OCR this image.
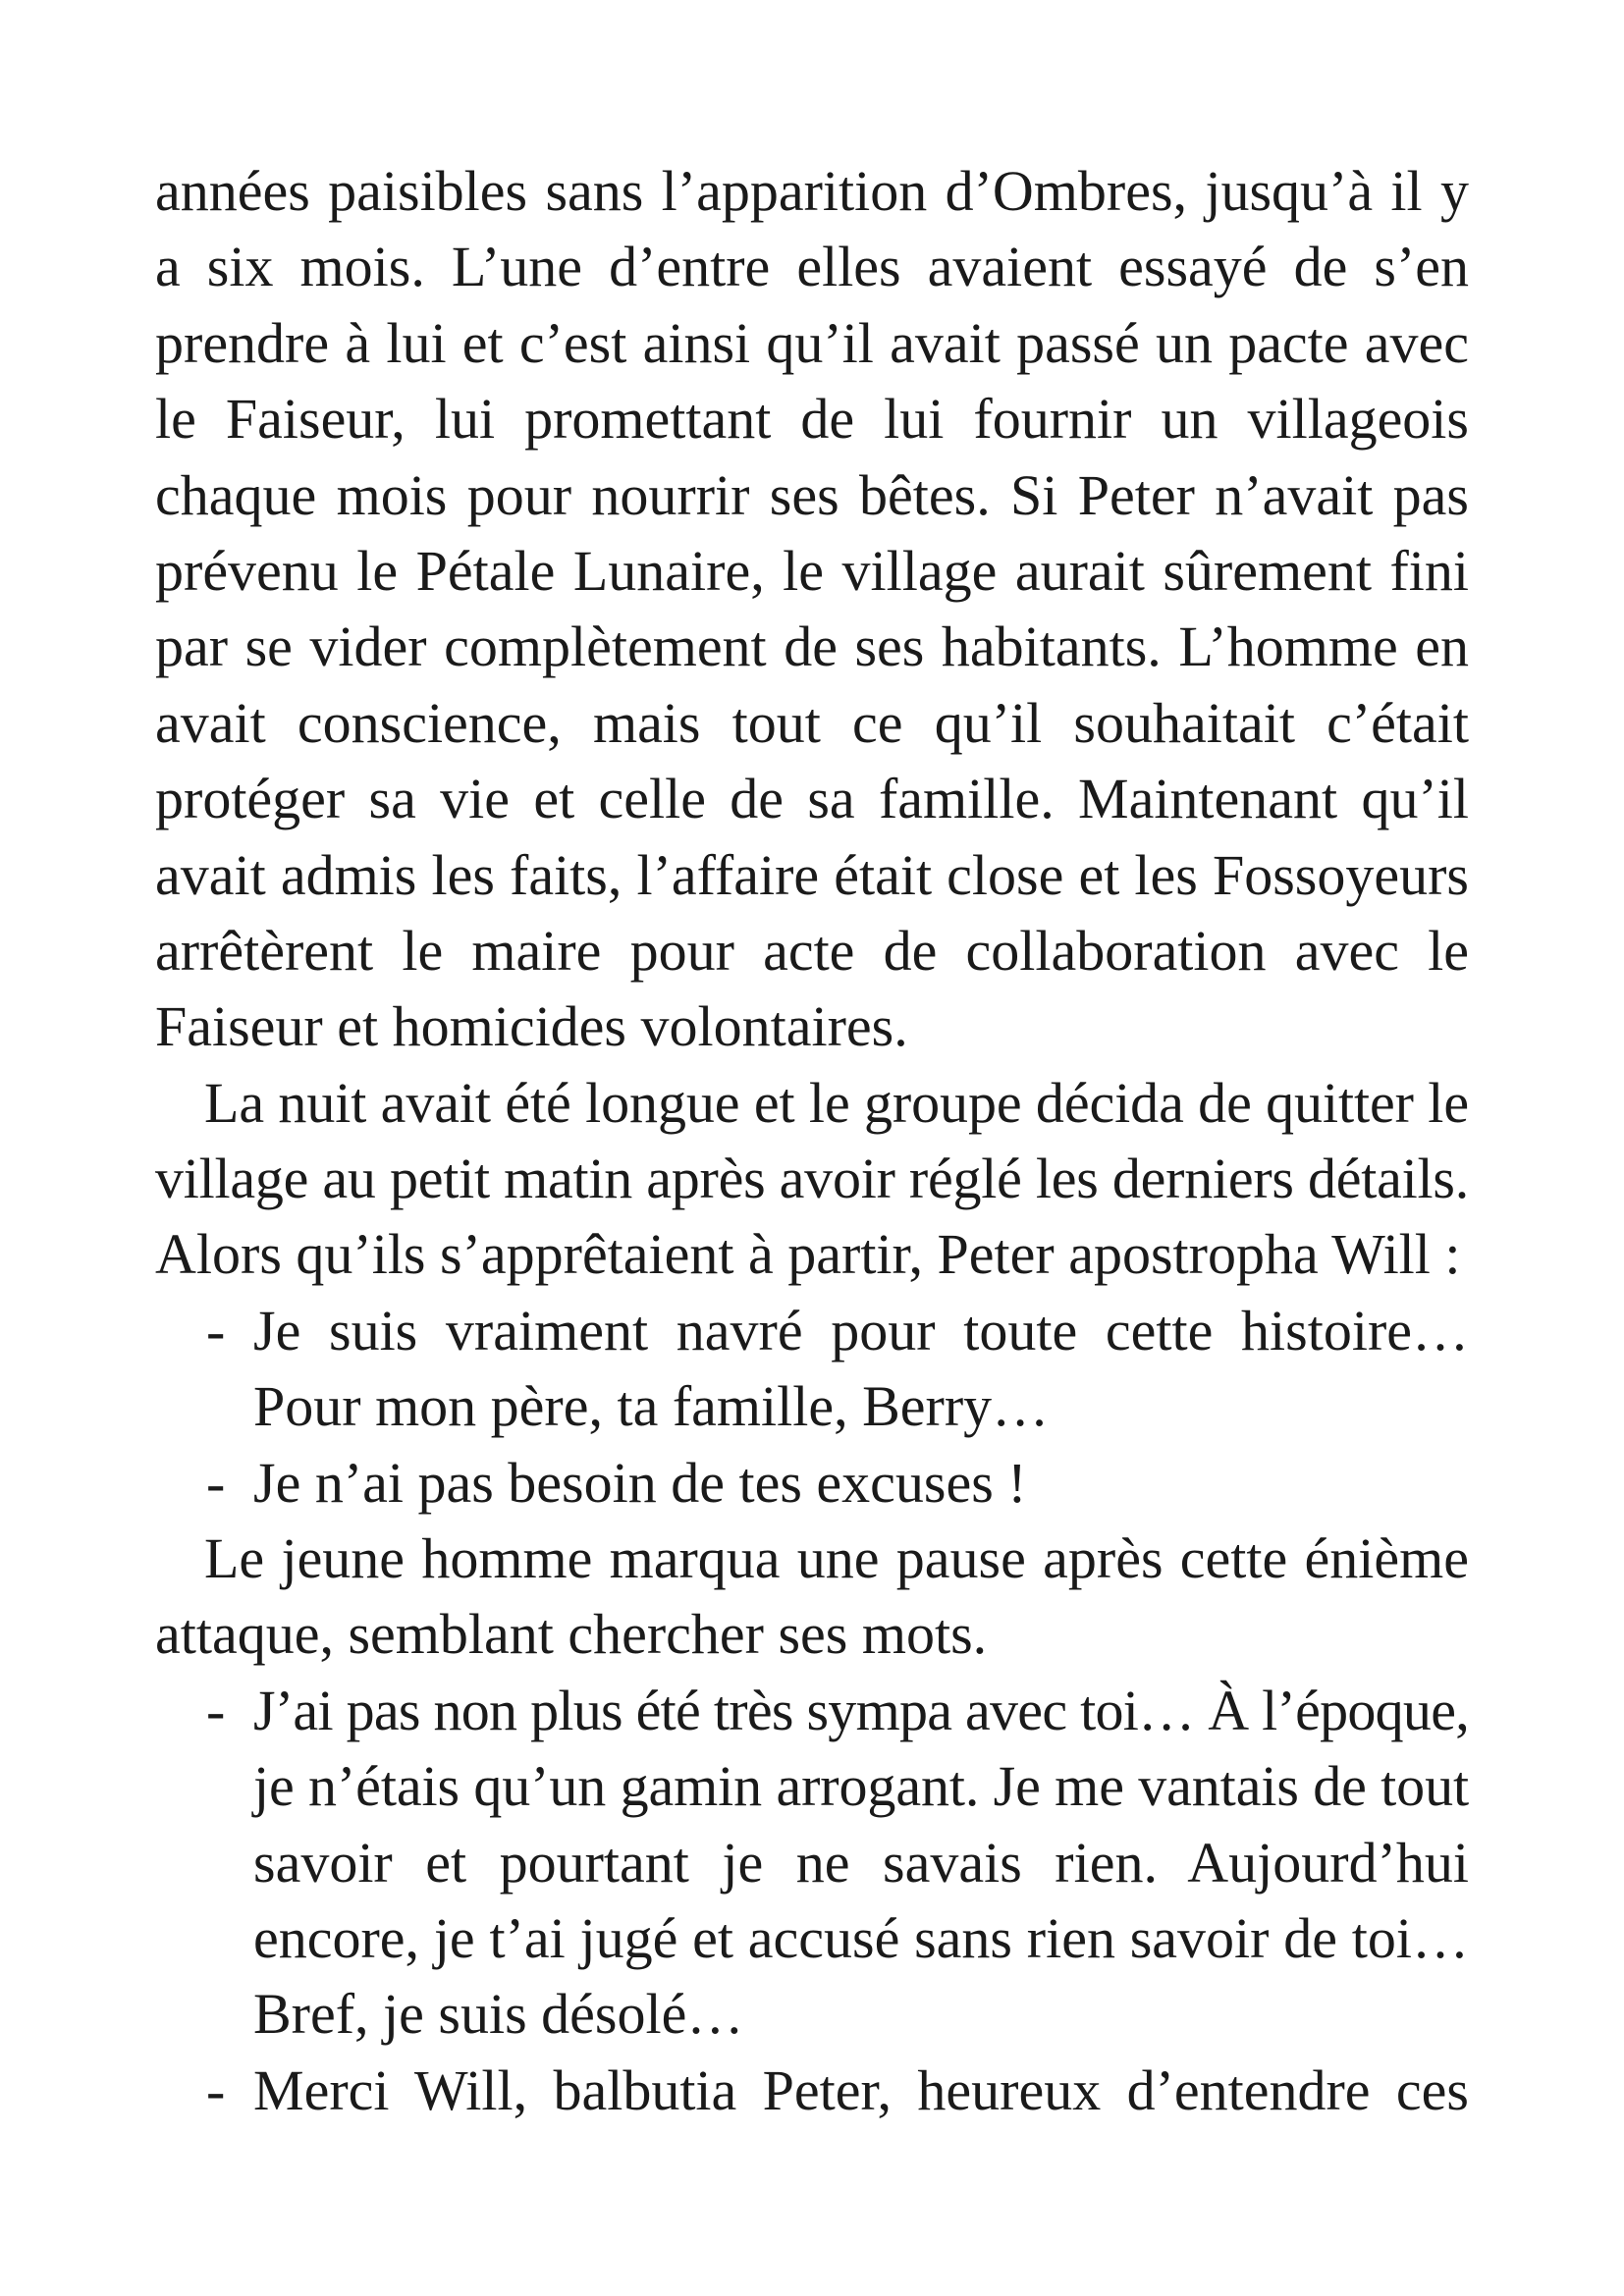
années paisibles sans l’apparition d’Ombres, jusqu’à il y
a six mois. L’une d’entre elles avaient essayé de s’en
prendre à lui et c’est ainsi qu’il avait passé un pacte avec
le Faiseur, lui promettant de lui fournir un villageois
chaque mois pour nourrir ses bêtes. Si Peter n’avait pas
prévenu le Pétale Lunaire, le village aurait sûrement fini
par se vider complètement de ses habitants. L’homme en
avait conscience, mais tout ce qu’il souhaitait c’était
protéger sa vie et celle de sa famille. Maintenant qu’il
avait admis les faits, l’affaire était close et les Fossoyeurs
arrêtèrent le maire pour acte de collaboration avec le
Faiseur et homicides volontaires.
La nuit avait été longue et le groupe décida de quitter le
village au petit matin après avoir réglé les derniers détails.
Alors qu’ils s’apprêtaient à partir, Peter apostropha Will :
- Je suis vraiment navré pour toute cette histoire…
Pour mon père, ta famille, Berry…
- Je n’ai pas besoin de tes excuses !
Le jeune homme marqua une pause après cette énième
attaque, semblant chercher ses mots.
- J’ai pas non plus été très sympa avec toi… À l’époque,
je n’étais qu’un gamin arrogant. Je me vantais de tout
savoir et pourtant je ne savais rien. Aujourd’hui
encore, je t’ai jugé et accusé sans rien savoir de toi…
Bref, je suis désolé…
- Merci Will, balbutia Peter, heureux d’entendre ces
